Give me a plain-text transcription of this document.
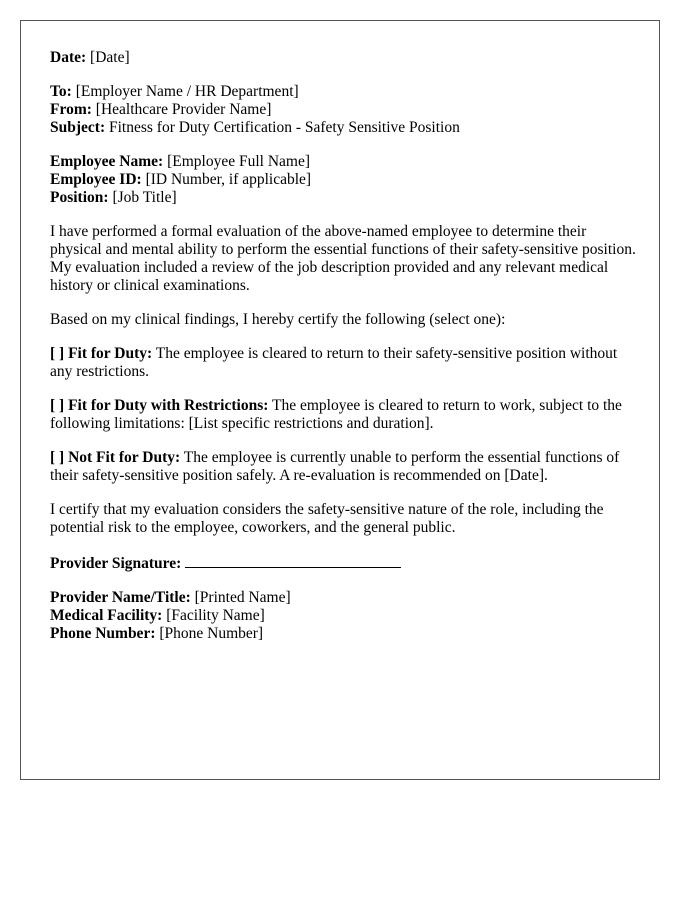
Date: [Date]
To: [Employer Name / HR Department]
From: [Healthcare Provider Name]
Subject: Fitness for Duty Certification - Safety Sensitive Position
Employee Name: [Employee Full Name]
Employee ID: [ID Number, if applicable]
Position: [Job Title]

I have performed a formal evaluation of the above-named employee to determine their physical and mental ability to perform the essential functions of their safety-sensitive position. My evaluation included a review of the job description provided and any relevant medical history or clinical examinations.

Based on my clinical findings, I hereby certify the following (select one):

[ ] Fit for Duty: The employee is cleared to return to their safety-sensitive position without any restrictions.

[ ] Fit for Duty with Restrictions: The employee is cleared to return to work, subject to the following limitations: [List specific restrictions and duration].

[ ] Not Fit for Duty: The employee is currently unable to perform the essential functions of their safety-sensitive position safely. A re-evaluation is recommended on [Date].

I certify that my evaluation considers the safety-sensitive nature of the role, including the potential risk to the employee, coworkers, and the general public.

Provider Signature:
Provider Name/Title: [Printed Name]
Medical Facility: [Facility Name]
Phone Number: [Phone Number]
